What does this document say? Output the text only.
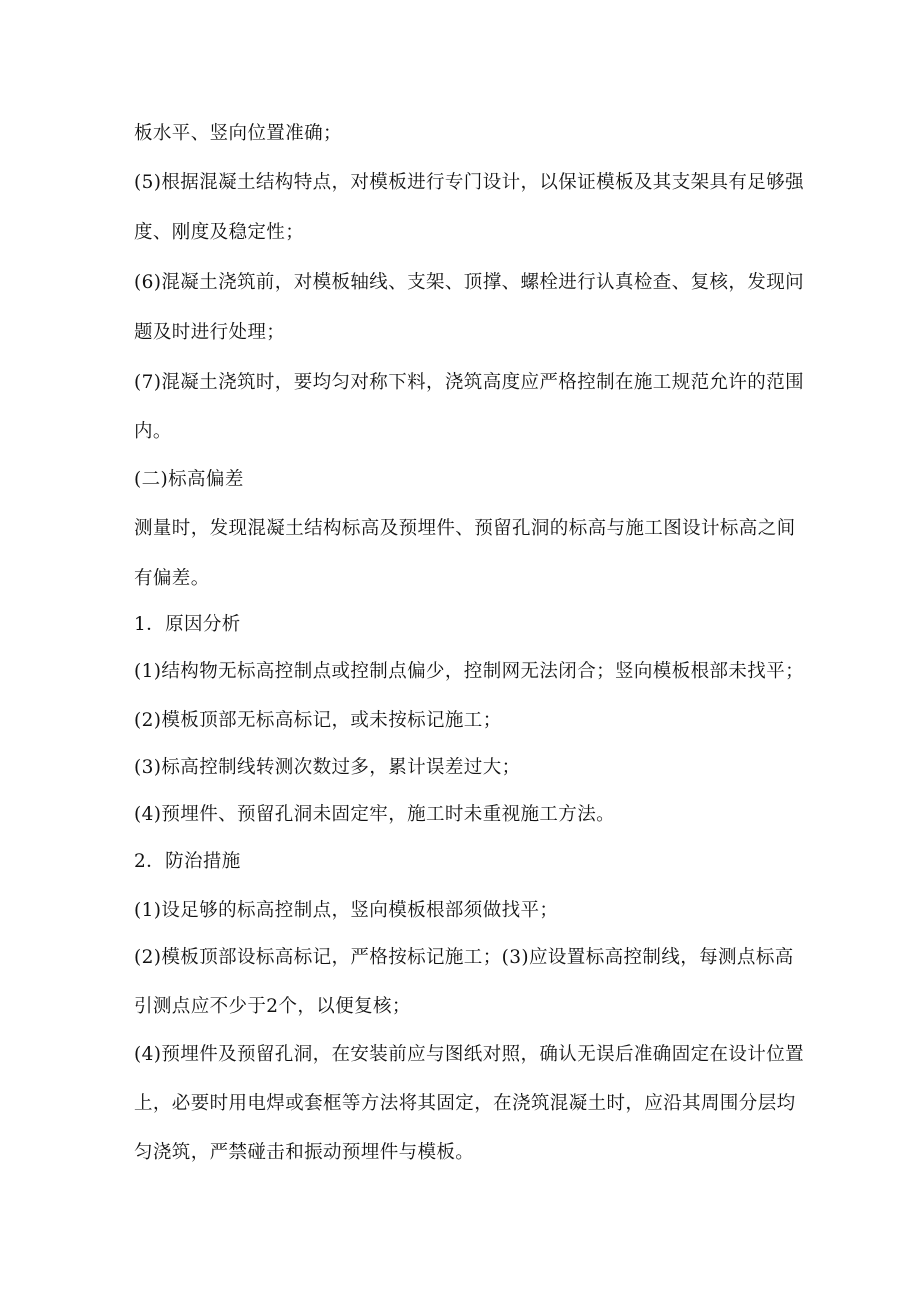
板水平、竖向位置准确；
(5)根据混凝土结构特点，对模板进行专门设计，以保证模板及其支架具有足够强
度、刚度及稳定性；
(6)混凝土浇筑前，对模板轴线、支架、顶撑、螺栓进行认真检查、复核，发现问
题及时进行处理；
(7)混凝土浇筑时，要均匀对称下料，浇筑高度应严格控制在施工规范允许的范围
内。
(二)标高偏差
测量时，发现混凝土结构标高及预埋件、预留孔洞的标高与施工图设计标高之间
有偏差。
1．原因分析
(1)结构物无标高控制点或控制点偏少，控制网无法闭合；竖向模板根部未找平；
(2)模板顶部无标高标记，或未按标记施工；
(3)标高控制线转测次数过多，累计误差过大；
(4)预埋件、预留孔洞未固定牢，施工时未重视施工方法。
2．防治措施
(1)设足够的标高控制点，竖向模板根部须做找平；
(2)模板顶部设标高标记，严格按标记施工；(3)应设置标高控制线，每测点标高
引测点应不少于2个，以便复核；
(4)预埋件及预留孔洞，在安装前应与图纸对照，确认无误后准确固定在设计位置
上，必要时用电焊或套框等方法将其固定，在浇筑混凝土时，应沿其周围分层均
匀浇筑，严禁碰击和振动预埋件与模板。
